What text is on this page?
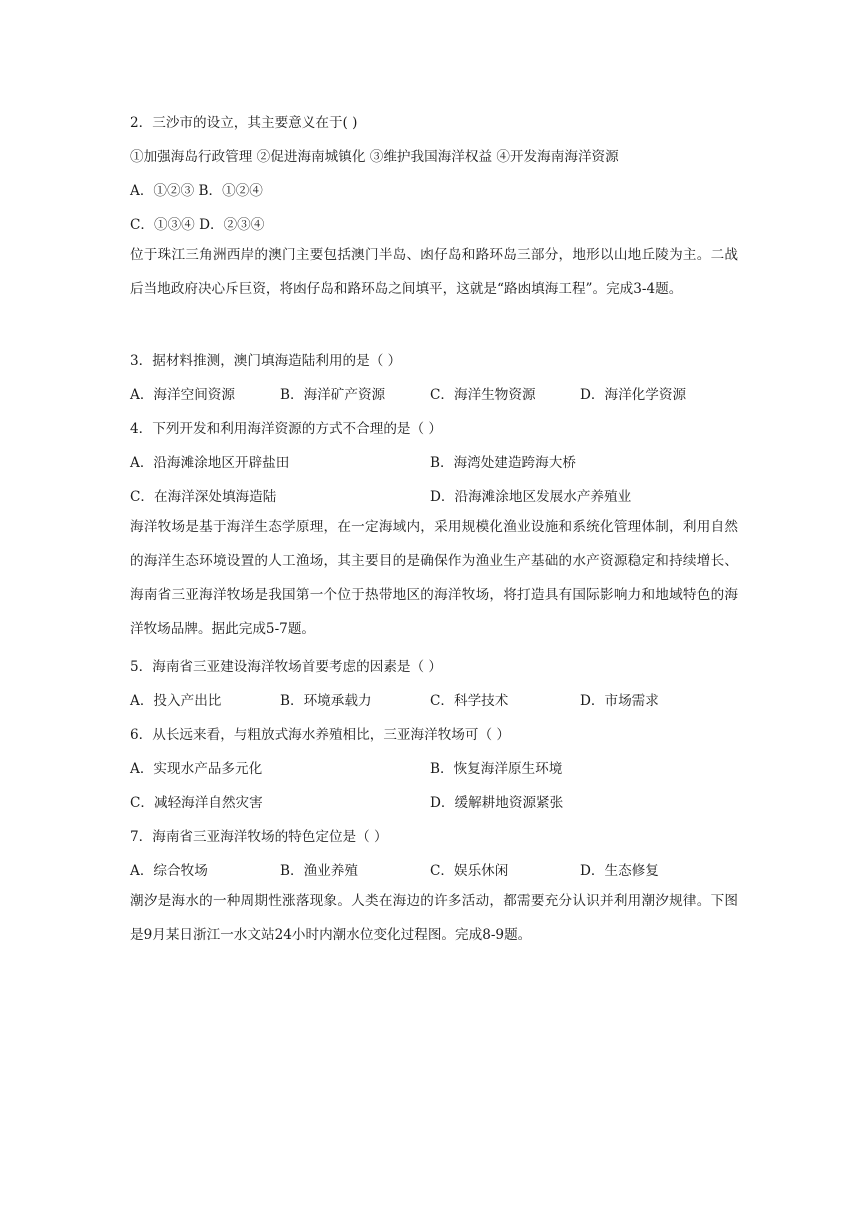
2．三沙市的设立，其主要意义在于( )
①加强海岛行政管理 ②促进海南城镇化 ③维护我国海洋权益 ④开发海南海洋资源
A．①②③ B．①②④
C．①③④ D．②③④
位于珠江三角洲西岸的澳门主要包括澳门半岛、凼仔岛和路环岛三部分，地形以山地丘陵为主。二战后当地政府决心斥巨资，将凼仔岛和路环岛之间填平，这就是“路凼填海工程”。完成3-4题。
3．据材料推测，澳门填海造陆利用的是（ ）
A．海洋空间资源	B．海洋矿产资源	C．海洋生物资源	D．海洋化学资源
4．下列开发和利用海洋资源的方式不合理的是（ ）
A．沿海滩涂地区开辟盐田	B．海湾处建造跨海大桥
C．在海洋深处填海造陆	D．沿海滩涂地区发展水产养殖业
海洋牧场是基于海洋生态学原理，在一定海域内，采用规模化渔业设施和系统化管理体制，利用自然的海洋生态环境设置的人工渔场，其主要目的是确保作为渔业生产基础的水产资源稳定和持续增长、海南省三亚海洋牧场是我国第一个位于热带地区的海洋牧场，将打造具有国际影响力和地域特色的海洋牧场品牌。据此完成5-7题。
5．海南省三亚建设海洋牧场首要考虑的因素是（ ）
A．投入产出比	B．环境承载力	C．科学技术	D．市场需求
6．从长远来看，与粗放式海水养殖相比，三亚海洋牧场可（ ）
A．实现水产品多元化	B．恢复海洋原生环境
C．减轻海洋自然灾害	D．缓解耕地资源紧张
7．海南省三亚海洋牧场的特色定位是（ ）
A．综合牧场	B．渔业养殖	C．娱乐休闲	D．生态修复
潮汐是海水的一种周期性涨落现象。人类在海边的许多活动，都需要充分认识并利用潮汐规律。下图是9月某日浙江一水文站24小时内潮水位变化过程图。完成8-9题。
